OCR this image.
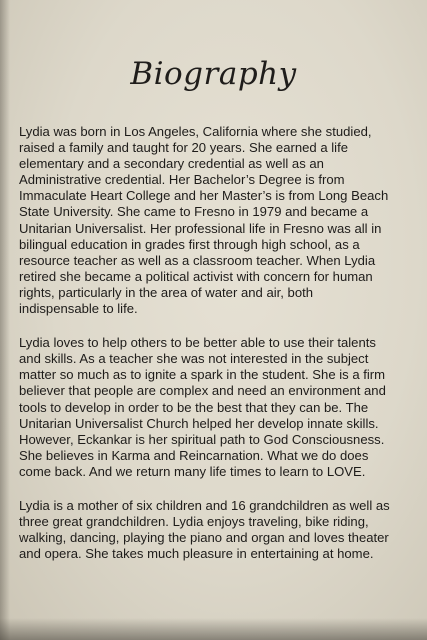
Biography

Lydia was born in Los Angeles, California where she studied,
raised a family and taught for 20 years. She earned a life
elementary and a secondary credential as well as an
Administrative credential. Her Bachelor’s Degree is from
Immaculate Heart College and her Master’s is from Long Beach
State University. She came to Fresno in 1979 and became a
Unitarian Universalist. Her professional life in Fresno was all in
bilingual education in grades first through high school, as a
resource teacher as well as a classroom teacher. When Lydia
retired she became a political activist with concern for human
rights, particularly in the area of water and air, both
indispensable to life.

Lydia loves to help others to be better able to use their talents
and skills. As a teacher she was not interested in the subject
matter so much as to ignite a spark in the student. She is a firm
believer that people are complex and need an environment and
tools to develop in order to be the best that they can be. The
Unitarian Universalist Church helped her develop innate skills.
However, Eckankar is her spiritual path to God Consciousness.
She believes in Karma and Reincarnation. What we do does
come back. And we return many life times to learn to LOVE.

Lydia is a mother of six children and 16 grandchildren as well as
three great grandchildren. Lydia enjoys traveling, bike riding,
walking, dancing, playing the piano and organ and loves theater
and opera. She takes much pleasure in entertaining at home.
